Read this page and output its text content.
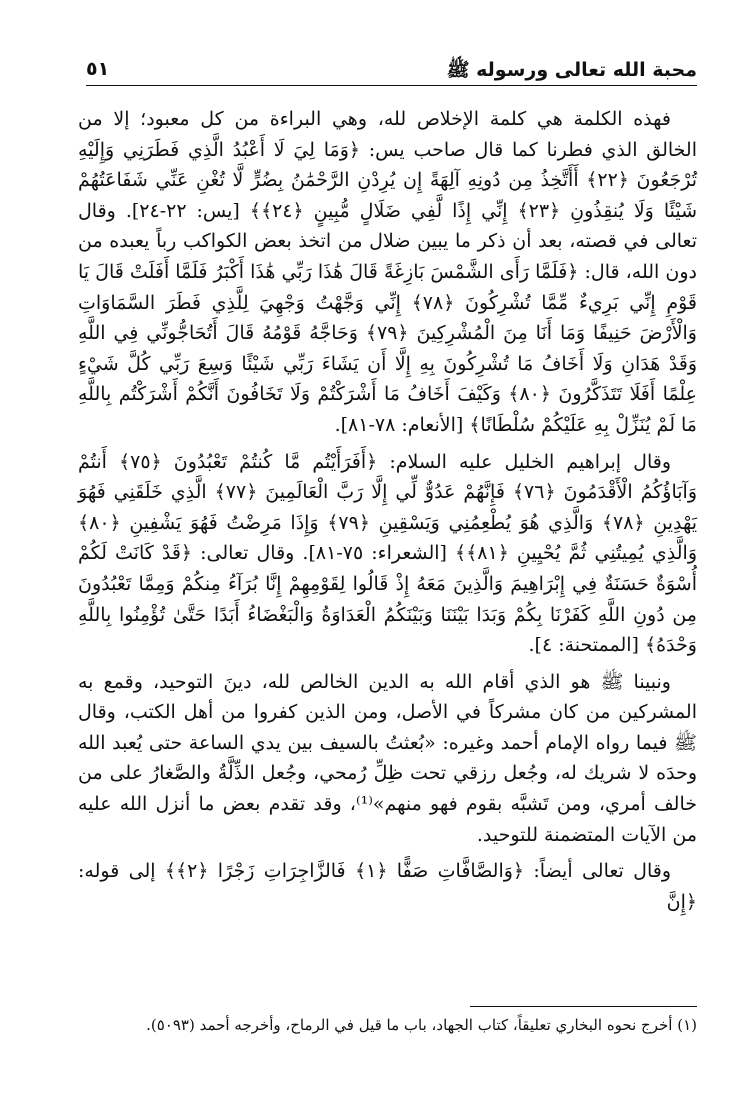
محبة الله تعالى ورسوله ﷺ
٥١

فهذه الكلمة هي كلمة الإخلاص لله، وهي البراءة من كل معبود؛ إلا من الخالق الذي فطرنا كما قال صاحب يس: ﴿وَمَا لِيَ لَا أَعْبُدُ الَّذِي فَطَرَنِي وَإِلَيْهِ تُرْجَعُونَ ﴿٢٢﴾ أَأَتَّخِذُ مِن دُونِهِ آلِهَةً إِن يُرِدْنِ الرَّحْمَٰنُ بِضُرٍّ لَّا تُغْنِ عَنِّي شَفَاعَتُهُمْ شَيْئًا وَلَا يُنقِذُونِ ﴿٢٣﴾ إِنِّي إِذًا لَّفِي ضَلَالٍ مُّبِينٍ ﴿٢٤﴾﴾ [يس: ٢٢-٢٤]. وقال تعالى في قصته، بعد أن ذكر ما يبين ضلال من اتخذ بعض الكواكب رباً يعبده من دون الله، قال: ﴿فَلَمَّا رَأَى الشَّمْسَ بَازِغَةً قَالَ هَٰذَا رَبِّي هَٰذَا أَكْبَرُ فَلَمَّا أَفَلَتْ قَالَ يَا قَوْمِ إِنِّي بَرِيءٌ مِّمَّا تُشْرِكُونَ ﴿٧٨﴾ إِنِّي وَجَّهْتُ وَجْهِيَ لِلَّذِي فَطَرَ السَّمَاوَاتِ وَالْأَرْضَ حَنِيفًا وَمَا أَنَا مِنَ الْمُشْرِكِينَ ﴿٧٩﴾ وَحَاجَّهُ قَوْمُهُ قَالَ أَتُحَاجُّونِّي فِي اللَّهِ وَقَدْ هَدَانِ وَلَا أَخَافُ مَا تُشْرِكُونَ بِهِ إِلَّا أَن يَشَاءَ رَبِّي شَيْئًا وَسِعَ رَبِّي كُلَّ شَيْءٍ عِلْمًا أَفَلَا تَتَذَكَّرُونَ ﴿٨٠﴾ وَكَيْفَ أَخَافُ مَا أَشْرَكْتُمْ وَلَا تَخَافُونَ أَنَّكُمْ أَشْرَكْتُم بِاللَّهِ مَا لَمْ يُنَزِّلْ بِهِ عَلَيْكُمْ سُلْطَانًا﴾ [الأنعام: ٧٨-٨١].

وقال إبراهيم الخليل عليه السلام: ﴿أَفَرَأَيْتُم مَّا كُنتُمْ تَعْبُدُونَ ﴿٧٥﴾ أَنتُمْ وَآبَاؤُكُمُ الْأَقْدَمُونَ ﴿٧٦﴾ فَإِنَّهُمْ عَدُوٌّ لِّي إِلَّا رَبَّ الْعَالَمِينَ ﴿٧٧﴾ الَّذِي خَلَقَنِي فَهُوَ يَهْدِينِ ﴿٧٨﴾ وَالَّذِي هُوَ يُطْعِمُنِي وَيَسْقِينِ ﴿٧٩﴾ وَإِذَا مَرِضْتُ فَهُوَ يَشْفِينِ ﴿٨٠﴾ وَالَّذِي يُمِيتُنِي ثُمَّ يُحْيِينِ ﴿٨١﴾﴾ [الشعراء: ٧٥-٨١]. وقال تعالى: ﴿قَدْ كَانَتْ لَكُمْ أُسْوَةٌ حَسَنَةٌ فِي إِبْرَاهِيمَ وَالَّذِينَ مَعَهُ إِذْ قَالُوا لِقَوْمِهِمْ إِنَّا بُرَآءُ مِنكُمْ وَمِمَّا تَعْبُدُونَ مِن دُونِ اللَّهِ كَفَرْنَا بِكُمْ وَبَدَا بَيْنَنَا وَبَيْنَكُمُ الْعَدَاوَةُ وَالْبَغْضَاءُ أَبَدًا حَتَّىٰ تُؤْمِنُوا بِاللَّهِ وَحْدَهُ﴾ [الممتحنة: ٤].

ونبينا ﷺ هو الذي أقام الله به الدين الخالص لله، دينَ التوحيد، وقمع به المشركين من كان مشركاً في الأصل، ومن الذين كفروا من أهل الكتب، وقال ﷺ فيما رواه الإمام أحمد وغيره: «بُعثتُ بالسيف بين يدي الساعة حتى يُعبد الله وحدَه لا شريك له، وجُعل رزقي تحت ظِلِّ رُمحي، وجُعل الذِّلَّةُ والصَّغارُ على من خالف أمري، ومن تَشبَّه بقوم فهو منهم»⁽¹⁾، وقد تقدم بعض ما أنزل الله عليه من الآيات المتضمنة للتوحيد.

وقال تعالى أيضاً: ﴿وَالصَّافَّاتِ صَفًّا ﴿١﴾ فَالزَّاجِرَاتِ زَجْرًا ﴿٢﴾﴾ إلى قوله: ﴿إِنَّ

(١) أخرج نحوه البخاري تعليقاً، كتاب الجهاد، باب ما قيل في الرماح، وأخرجه أحمد (٥٠٩٣).
